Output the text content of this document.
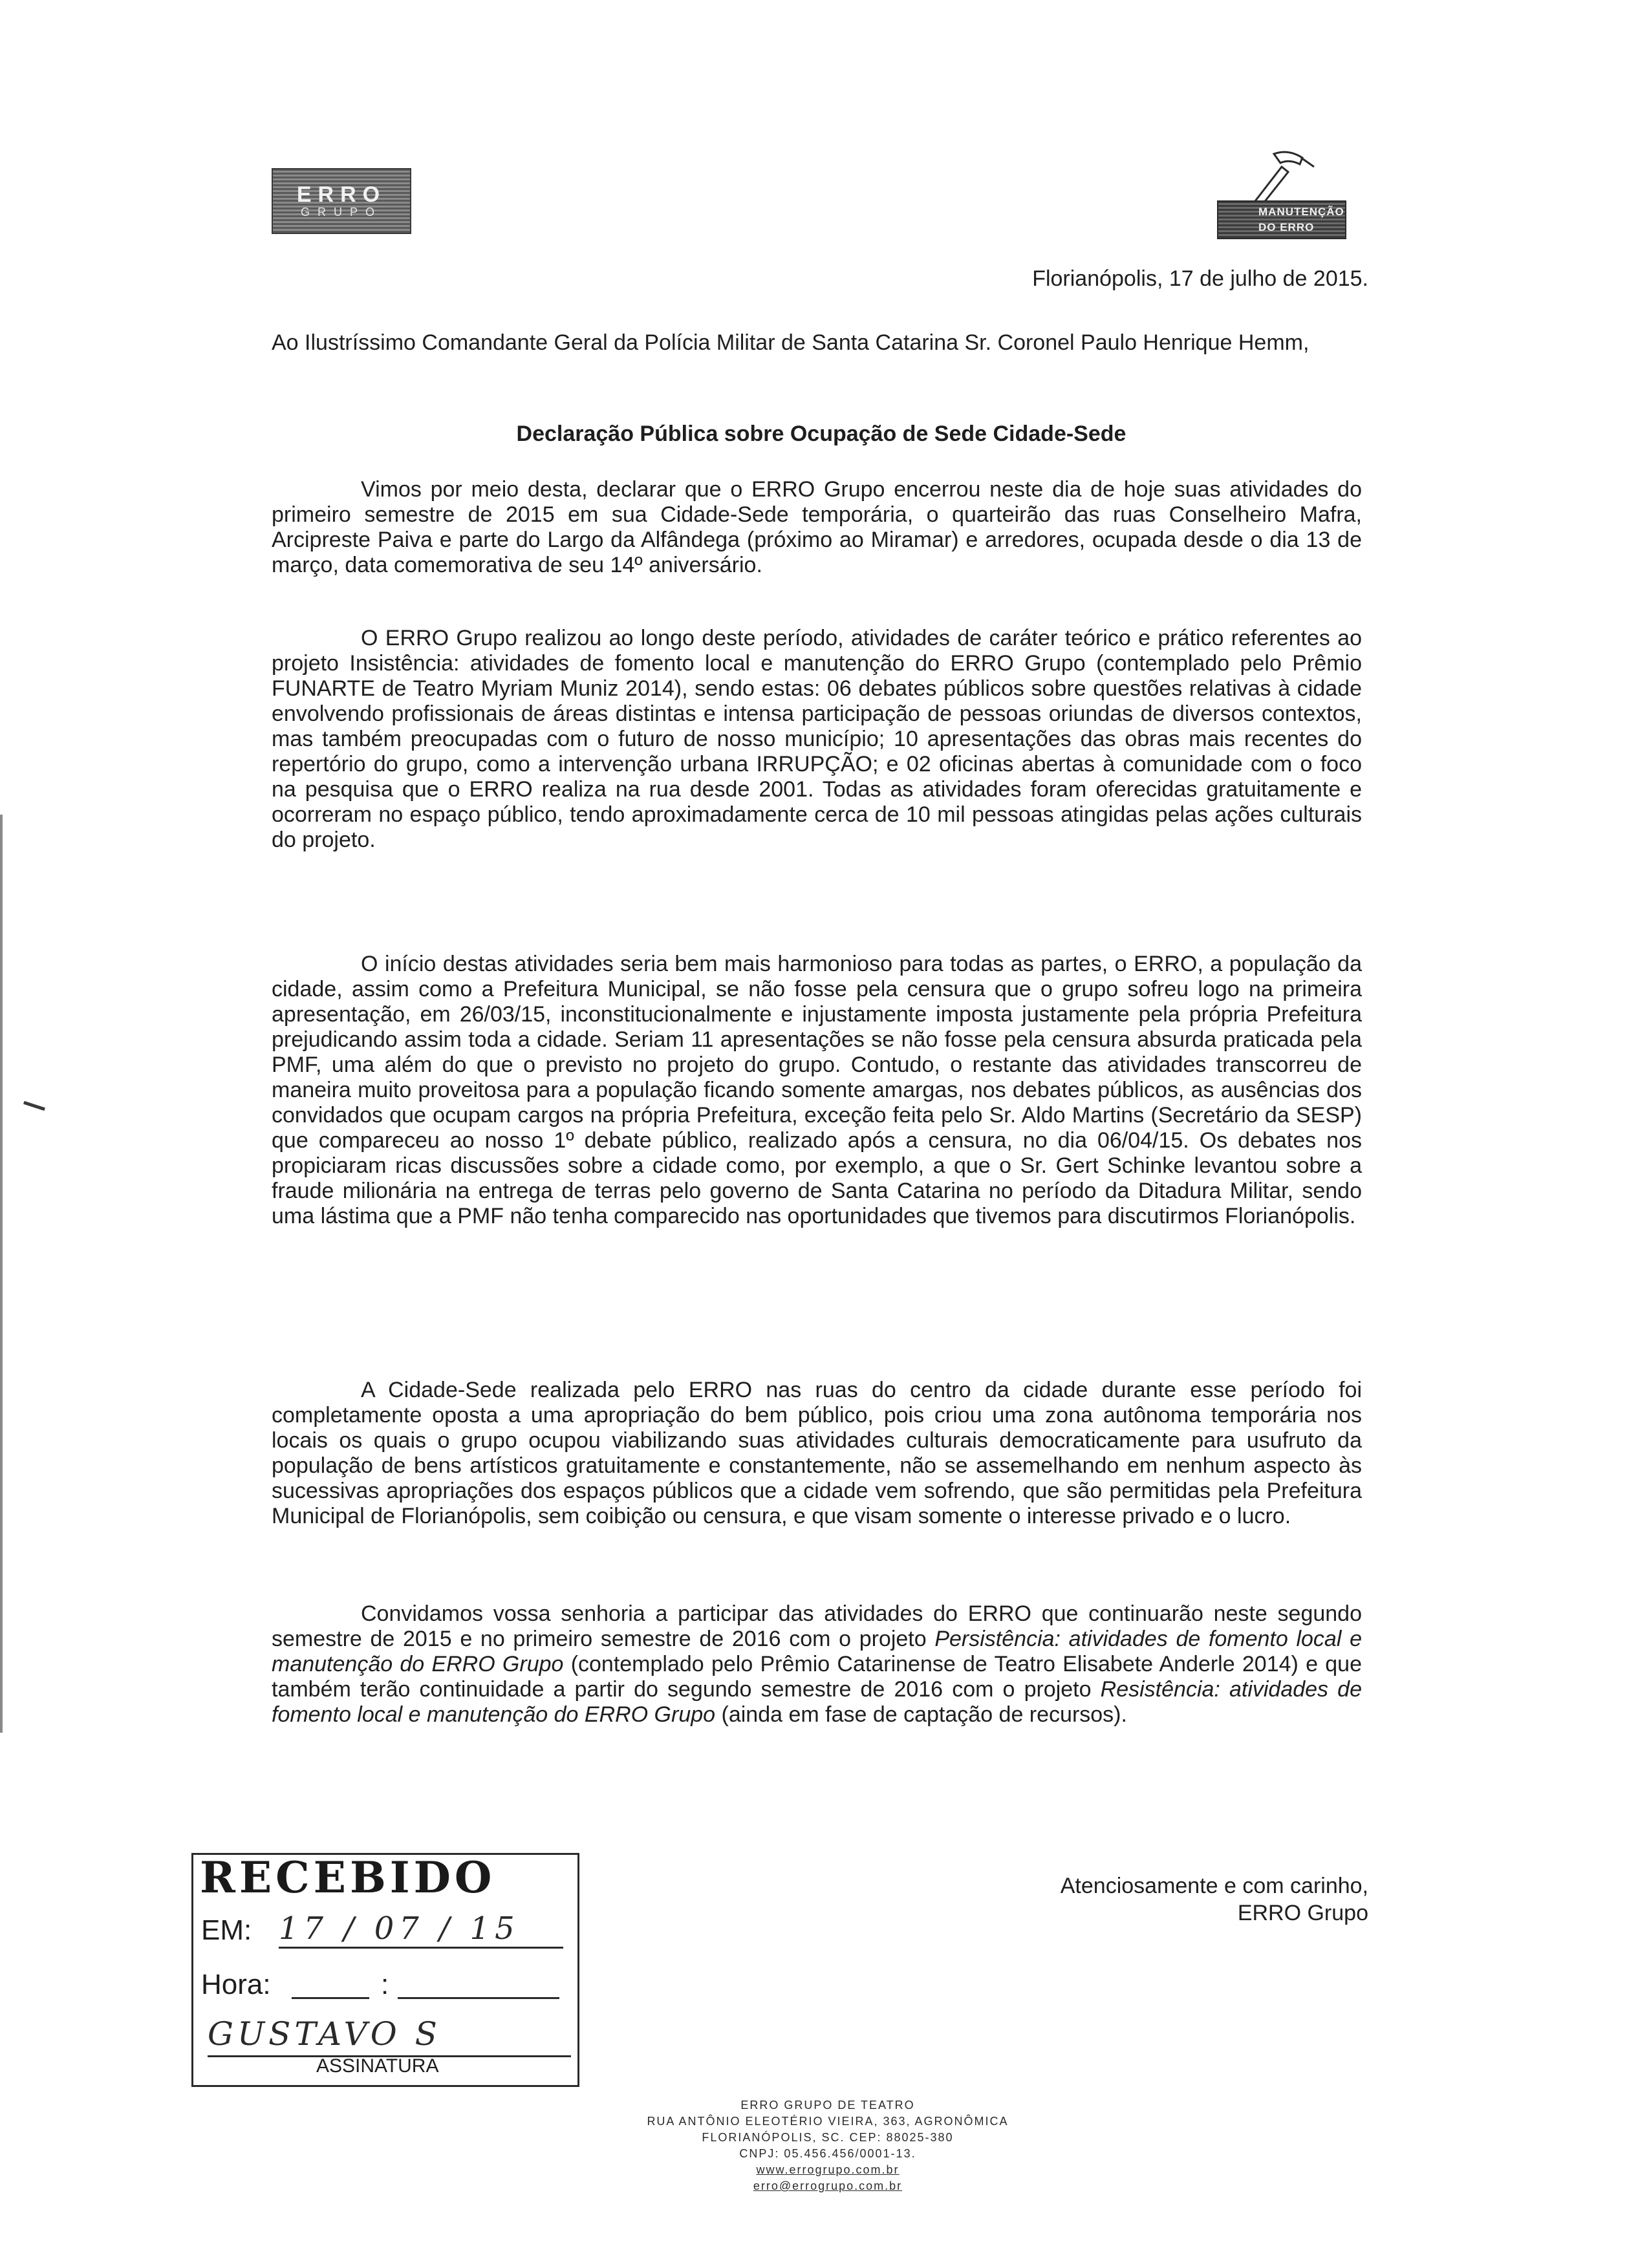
ERRO
GRUPO	MANUTENÇÃO
DO ERRO
Florianópolis, 17 de julho de 2015.
Ao Ilustríssimo Comandante Geral da Polícia Militar de Santa Catarina Sr. Coronel Paulo Henrique Hemm,
Declaração Pública sobre Ocupação de Sede Cidade-Sede

Vimos por meio desta, declarar que o ERRO Grupo encerrou neste dia de hoje suas atividades do primeiro semestre de 2015 em sua Cidade-Sede temporária, o quarteirão das ruas Conselheiro Mafra, Arcipreste Paiva e parte do Largo da Alfândega (próximo ao Miramar) e arredores, ocupada desde o dia 13 de março, data comemorativa de seu 14º aniversário.

O ERRO Grupo realizou ao longo deste período, atividades de caráter teórico e prático referentes ao projeto Insistência: atividades de fomento local e manutenção do ERRO Grupo (contemplado pelo Prêmio FUNARTE de Teatro Myriam Muniz 2014), sendo estas: 06 debates públicos sobre questões relativas à cidade envolvendo profissionais de áreas distintas e intensa participação de pessoas oriundas de diversos contextos, mas também preocupadas com o futuro de nosso município; 10 apresentações das obras mais recentes do repertório do grupo, como a intervenção urbana IRRUPÇÃO; e 02 oficinas abertas à comunidade com o foco na pesquisa que o ERRO realiza na rua desde 2001. Todas as atividades foram oferecidas gratuitamente e ocorreram no espaço público, tendo aproximadamente cerca de 10 mil pessoas atingidas pelas ações culturais do projeto.

O início destas atividades seria bem mais harmonioso para todas as partes, o ERRO, a população da cidade, assim como a Prefeitura Municipal, se não fosse pela censura que o grupo sofreu logo na primeira apresentação, em 26/03/15, inconstitucionalmente e injustamente imposta justamente pela própria Prefeitura prejudicando assim toda a cidade. Seriam 11 apresentações se não fosse pela censura absurda praticada pela PMF, uma além do que o previsto no projeto do grupo. Contudo, o restante das atividades transcorreu de maneira muito proveitosa para a população ficando somente amargas, nos debates públicos, as ausências dos convidados que ocupam cargos na própria Prefeitura, exceção feita pelo Sr. Aldo Martins (Secretário da SESP) que compareceu ao nosso 1º debate público, realizado após a censura, no dia 06/04/15. Os debates nos propiciaram ricas discussões sobre a cidade como, por exemplo, a que o Sr. Gert Schinke levantou sobre a fraude milionária na entrega de terras pelo governo de Santa Catarina no período da Ditadura Militar, sendo uma lástima que a PMF não tenha comparecido nas oportunidades que tivemos para discutirmos Florianópolis.

A Cidade-Sede realizada pelo ERRO nas ruas do centro da cidade durante esse período foi completamente oposta a uma apropriação do bem público, pois criou uma zona autônoma temporária nos locais os quais o grupo ocupou viabilizando suas atividades culturais democraticamente para usufruto da população de bens artísticos gratuitamente e constantemente, não se assemelhando em nenhum aspecto às sucessivas apropriações dos espaços públicos que a cidade vem sofrendo, que são permitidas pela Prefeitura Municipal de Florianópolis, sem coibição ou censura, e que visam somente o interesse privado e o lucro.

Convidamos vossa senhoria a participar das atividades do ERRO que continuarão neste segundo semestre de 2015 e no primeiro semestre de 2016 com o projeto Persistência: atividades de fomento local e manutenção do ERRO Grupo (contemplado pelo Prêmio Catarinense de Teatro Elisabete Anderle 2014) e que também terão continuidade a partir do segundo semestre de 2016 com o projeto Resistência: atividades de fomento local e manutenção do ERRO Grupo (ainda em fase de captação de recursos).

Atenciosamente e com carinho,
ERRO Grupo
RECEBIDO
EM: 17 / 07 / 15
Hora:	:
GUSTAVO S
ASSINATURA
ERRO GRUPO DE TEATRO
RUA ANTÔNIO ELEOTÉRIO VIEIRA, 363, AGRONÔMICA
FLORIANÓPOLIS, SC. CEP: 88025-380
CNPJ: 05.456.456/0001-13.
www.errogrupo.com.br
erro@errogrupo.com.br
